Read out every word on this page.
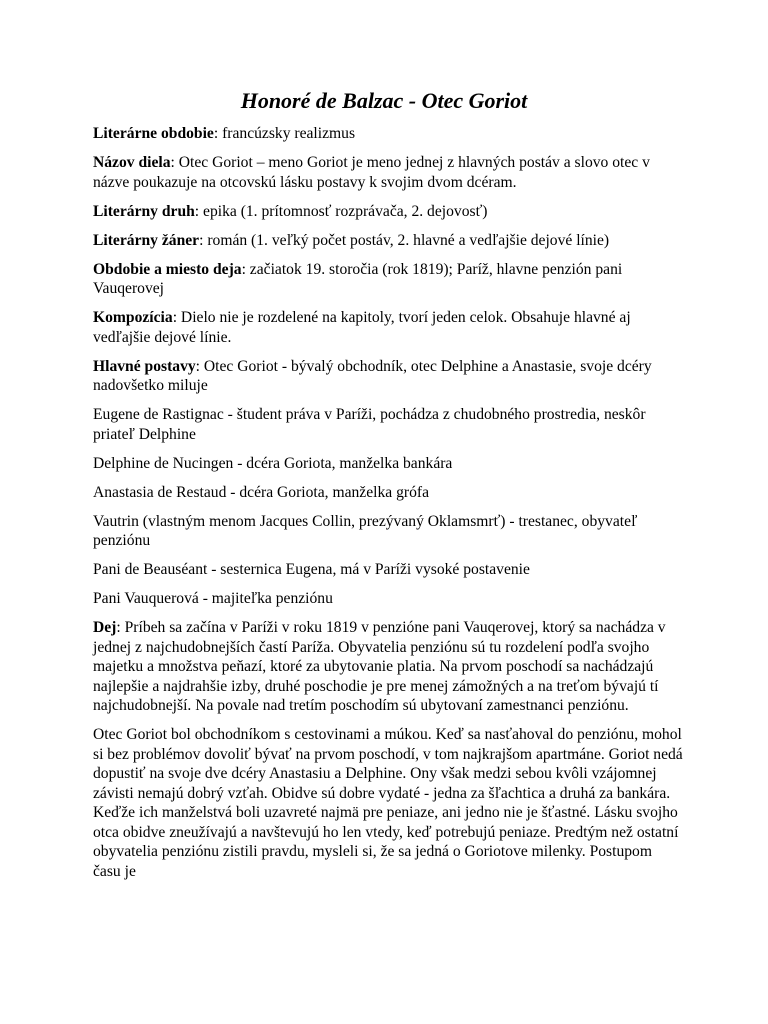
Honoré de Balzac - Otec Goriot

Literárne obdobie: francúzsky realizmus

Názov diela: Otec Goriot – meno Goriot je meno jednej z hlavných postáv a slovo otec v názve poukazuje na otcovskú lásku postavy k svojim dvom dcéram.

Literárny druh: epika (1. prítomnosť rozprávača, 2. dejovosť)

Literárny žáner: román (1. veľký počet postáv, 2. hlavné a vedľajšie dejové línie)

Obdobie a miesto deja: začiatok 19. storočia (rok 1819); Paríž, hlavne penzión pani Vauqerovej

Kompozícia: Dielo nie je rozdelené na kapitoly, tvorí jeden celok. Obsahuje hlavné aj vedľajšie dejové línie.

Hlavné postavy: Otec Goriot - bývalý obchodník, otec Delphine a Anastasie, svoje dcéry nadovšetko miluje

Eugene de Rastignac - študent práva v Paríži, pochádza z chudobného prostredia, neskôr priateľ Delphine

Delphine de Nucingen - dcéra Goriota, manželka bankára

Anastasia de Restaud - dcéra Goriota, manželka grófa

Vautrin (vlastným menom Jacques Collin, prezývaný Oklamsmrť) - trestanec, obyvateľ penziónu

Pani de Beauséant - sesternica Eugena, má v Paríži vysoké postavenie

Pani Vauquerová - majiteľka penziónu

Dej: Príbeh sa začína v Paríži v roku 1819 v penzióne pani Vauqerovej, ktorý sa nachádza v jednej z najchudobnejších častí Paríža. Obyvatelia penziónu sú tu rozdelení podľa svojho majetku a množstva peňazí, ktoré za ubytovanie platia. Na prvom poschodí sa nachádzajú najlepšie a najdrahšie izby, druhé poschodie je pre menej zámožných a na treťom bývajú tí najchudobnejší. Na povale nad tretím poschodím sú ubytovaní zamestnanci penziónu.

Otec Goriot bol obchodníkom s cestovinami a múkou. Keď sa nasťahoval do penziónu, mohol si bez problémov dovoliť bývať na prvom poschodí, v tom najkrajšom apartmáne. Goriot nedá dopustiť na svoje dve dcéry Anastasiu a Delphine. Ony však medzi sebou kvôli vzájomnej závisti nemajú dobrý vzťah. Obidve sú dobre vydaté - jedna za šľachtica a druhá za bankára. Keďže ich manželstvá boli uzavreté najmä pre peniaze, ani jedno nie je šťastné. Lásku svojho otca obidve zneužívajú a navštevujú ho len vtedy, keď potrebujú peniaze. Predtým než ostatní obyvatelia penziónu zistili pravdu, mysleli si, že sa jedná o Goriotove milenky. Postupom času je
